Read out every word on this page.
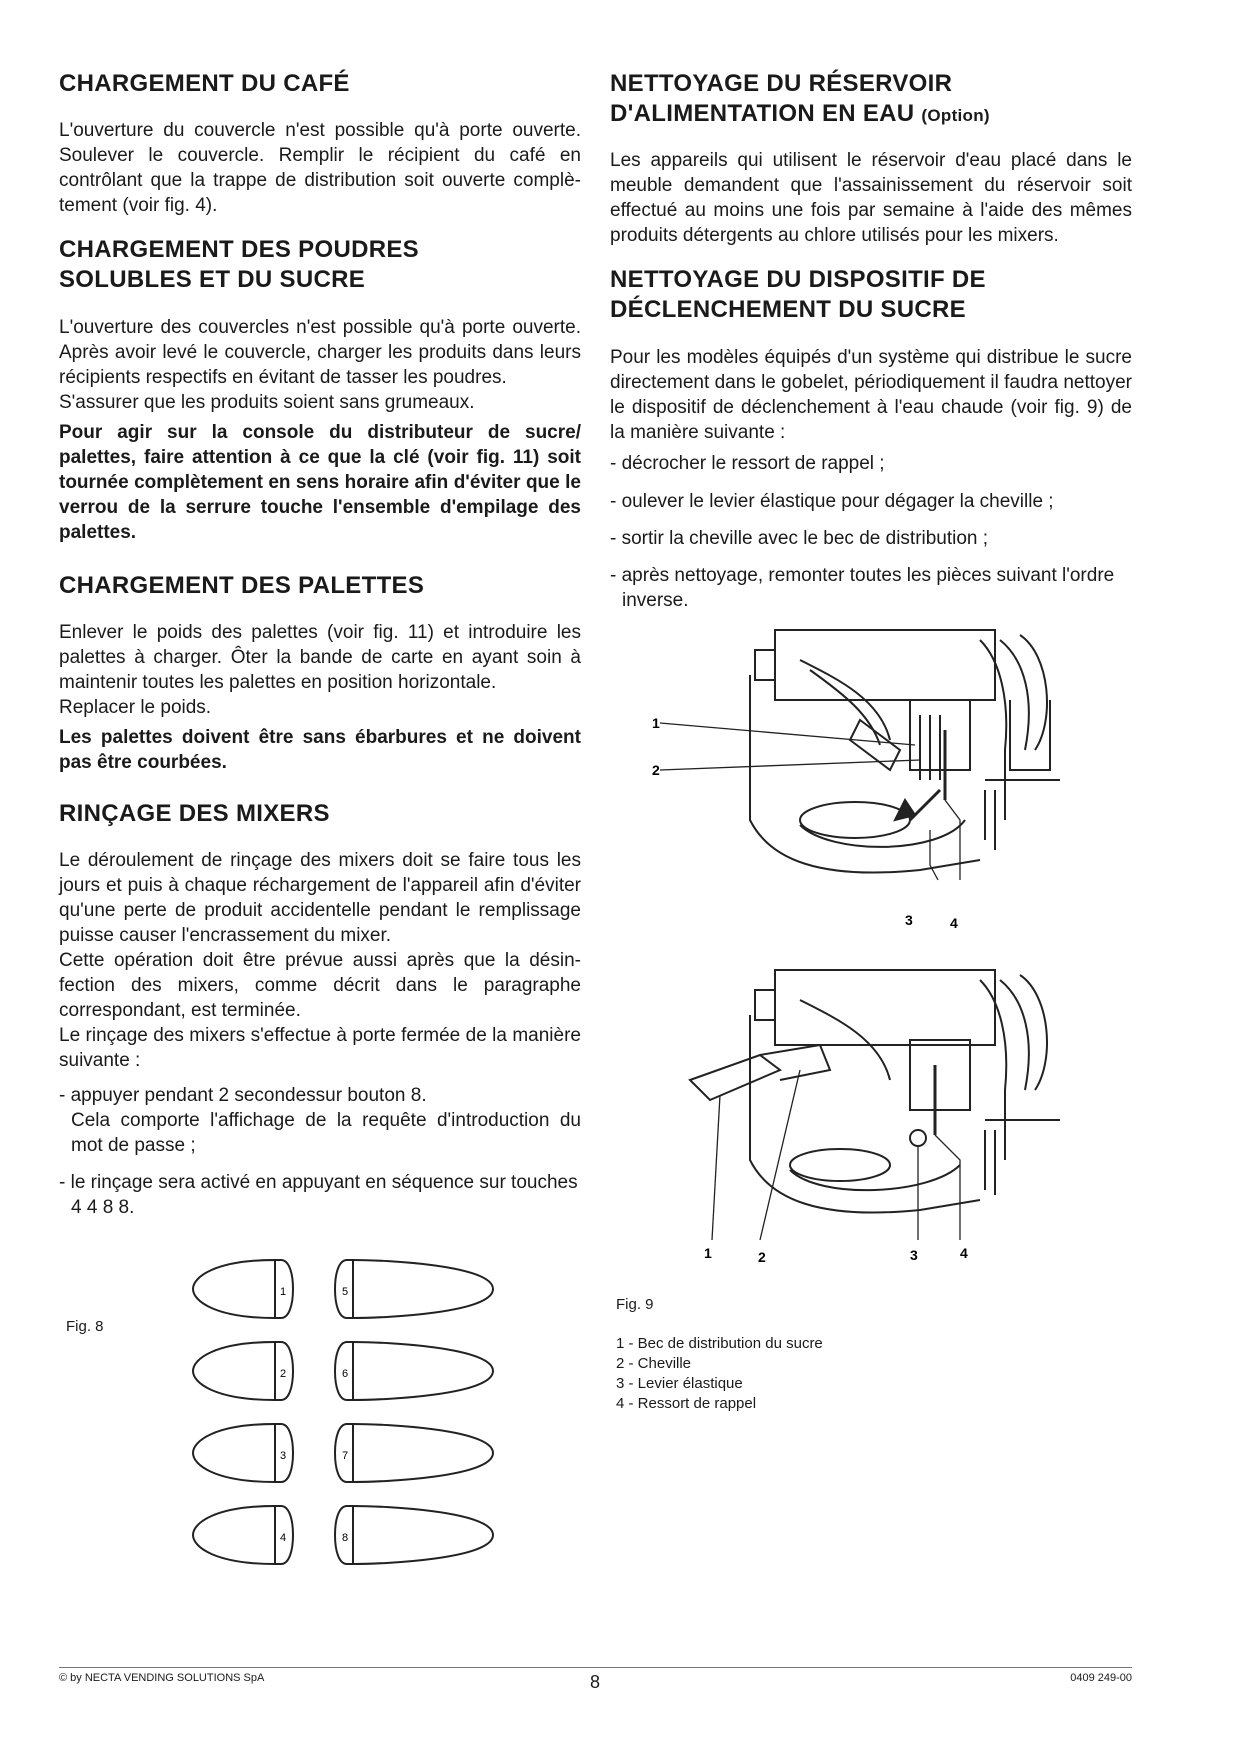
CHARGEMENT DU CAFÉ

L'ouverture du couvercle n'est possible qu'à porte ouverte. Soulever le couvercle. Remplir le récipient du café en contrôlant que la trappe de distribution soit ouverte complètement (voir fig. 4).

CHARGEMENT DES POUDRES
SOLUBLES ET DU SUCRE

L'ouverture des couvercles n'est possible qu'à porte ouverte. Après avoir levé le couvercle, charger les produits dans leurs récipients respectifs en évitant de tasser les poudres.

S'assurer que les produits soient sans grumeaux.

Pour agir sur la console du distributeur de sucre/ palettes, faire attention à ce que la clé (voir fig. 11) soit tournée complètement en sens horaire afin d'éviter que le verrou de la serrure touche l'ensemble d'empilage des palettes.

CHARGEMENT DES PALETTES

Enlever le poids des palettes (voir fig. 11) et introduire les palettes à charger. Ôter la bande de carte en ayant soin à maintenir toutes les palettes en position horizontale.

Replacer le poids.

Les palettes doivent être sans ébarbures et ne doivent pas être courbées.

RINÇAGE DES MIXERS

Le déroulement de rinçage des mixers doit se faire tous les jours et puis à chaque réchargement de l'appareil afin d'éviter qu'une perte de produit accidentelle pendant le remplissage puisse causer l'encrassement du mixer.

Cette opération doit être prévue aussi après que la désinfection des mixers, comme décrit dans le paragraphe correspondant, est terminée.

Le rinçage des mixers s'effectue à porte fermée de la manière suivante :

- appuyer pendant 2 secondessur bouton 8.

Cela comporte l'affichage de la requête d'introduction du mot de passe ;

- le rinçage sera activé en appuyant en séquence sur touches 4 4 8 8.

Fig. 8
1	5
2	6
3	7
4	8
NETTOYAGE DU RÉSERVOIR
D'ALIMENTATION EN EAU (Option)

Les appareils qui utilisent le réservoir d'eau placé dans le meuble demandent que l'assainissement du réservoir soit effectué au moins une fois par semaine à l'aide des mêmes produits détergents au chlore utilisés pour les mixers.

NETTOYAGE DU DISPOSITIF DE
DÉCLENCHEMENT DU SUCRE

Pour les modèles équipés d'un système qui distribue le sucre directement dans le gobelet, périodiquement il faudra nettoyer le dispositif de déclenchement à l'eau chaude (voir fig. 9) de la manière suivante :

- décrocher le ressort de rappel ;

- oulever le levier élastique pour dégager la cheville ;

- sortir la cheville avec le bec de distribution ;

- après nettoyage, remonter toutes les pièces suivant l'ordre inverse.

1
2
3	4
1	2	3	4
Fig. 9
1 - Bec de distribution du sucre
2 - Cheville
3 - Levier élastique
4 - Ressort de rappel
© by NECTA VENDING SOLUTIONS SpA	8	0409 249-00
